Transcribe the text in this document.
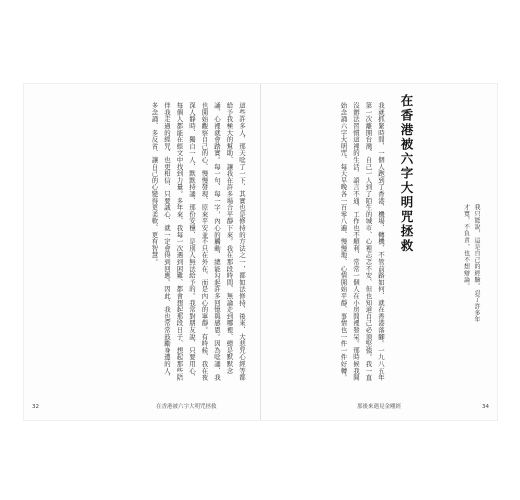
這些許多人、那天唸了一下、其實也是修持的方法之一，都如法修持、後來、大悲咒心經等都給予我極大的幫助、讓我在許多場合平靜下來。我在那段時間、無論走到哪裡、總是默默念誦、心裡就會踏實。每一句、每一字，內心的觸動、總能勾起許多回憶與感恩。因為唸誦、我也開始觀察自己的心、慢慢發現、原來平安並不只在外在、而是內心的寧靜。有時候、我在夜深人靜時、獨自一人、默默持誦、那份安穩、是別人無法給予的。我常對朋友說、只要用心、每個人都能在經文中找到力量。多年來、我每一次遇到困難、都會想起那段日子、想起那些陪伴我走過的經咒、也更相信、只要誠心、就一定會得到回應。因此、我也常常鼓勵身邊的人、多念誦、多反省、讓自己的心變得更柔軟、更有智慧。
32	在香港被六字大明咒拯救
在香港被六字大明咒拯救
我只能說，這是自己的經驗。忍了許多年才寬，不負責，也不想辯論。
我就抓緊時間、一個人跑到了香港、機場、轉機、不管前路如何、就在香港落腳。一九八五年第一次離開台灣、自己一人到了陌生的城市、心裡忐忑不安、但也知道自己必須堅強。我一直沒辦法習慣這裡的生活、語言不通、工作也不順利、常常一個人在小房間裡發呆。那時候我開始念誦六字大明咒、每天早晚各一百零八遍、慢慢地、心情開始平靜、事情也一件一件好轉。
那後來遇見金剛經	34
